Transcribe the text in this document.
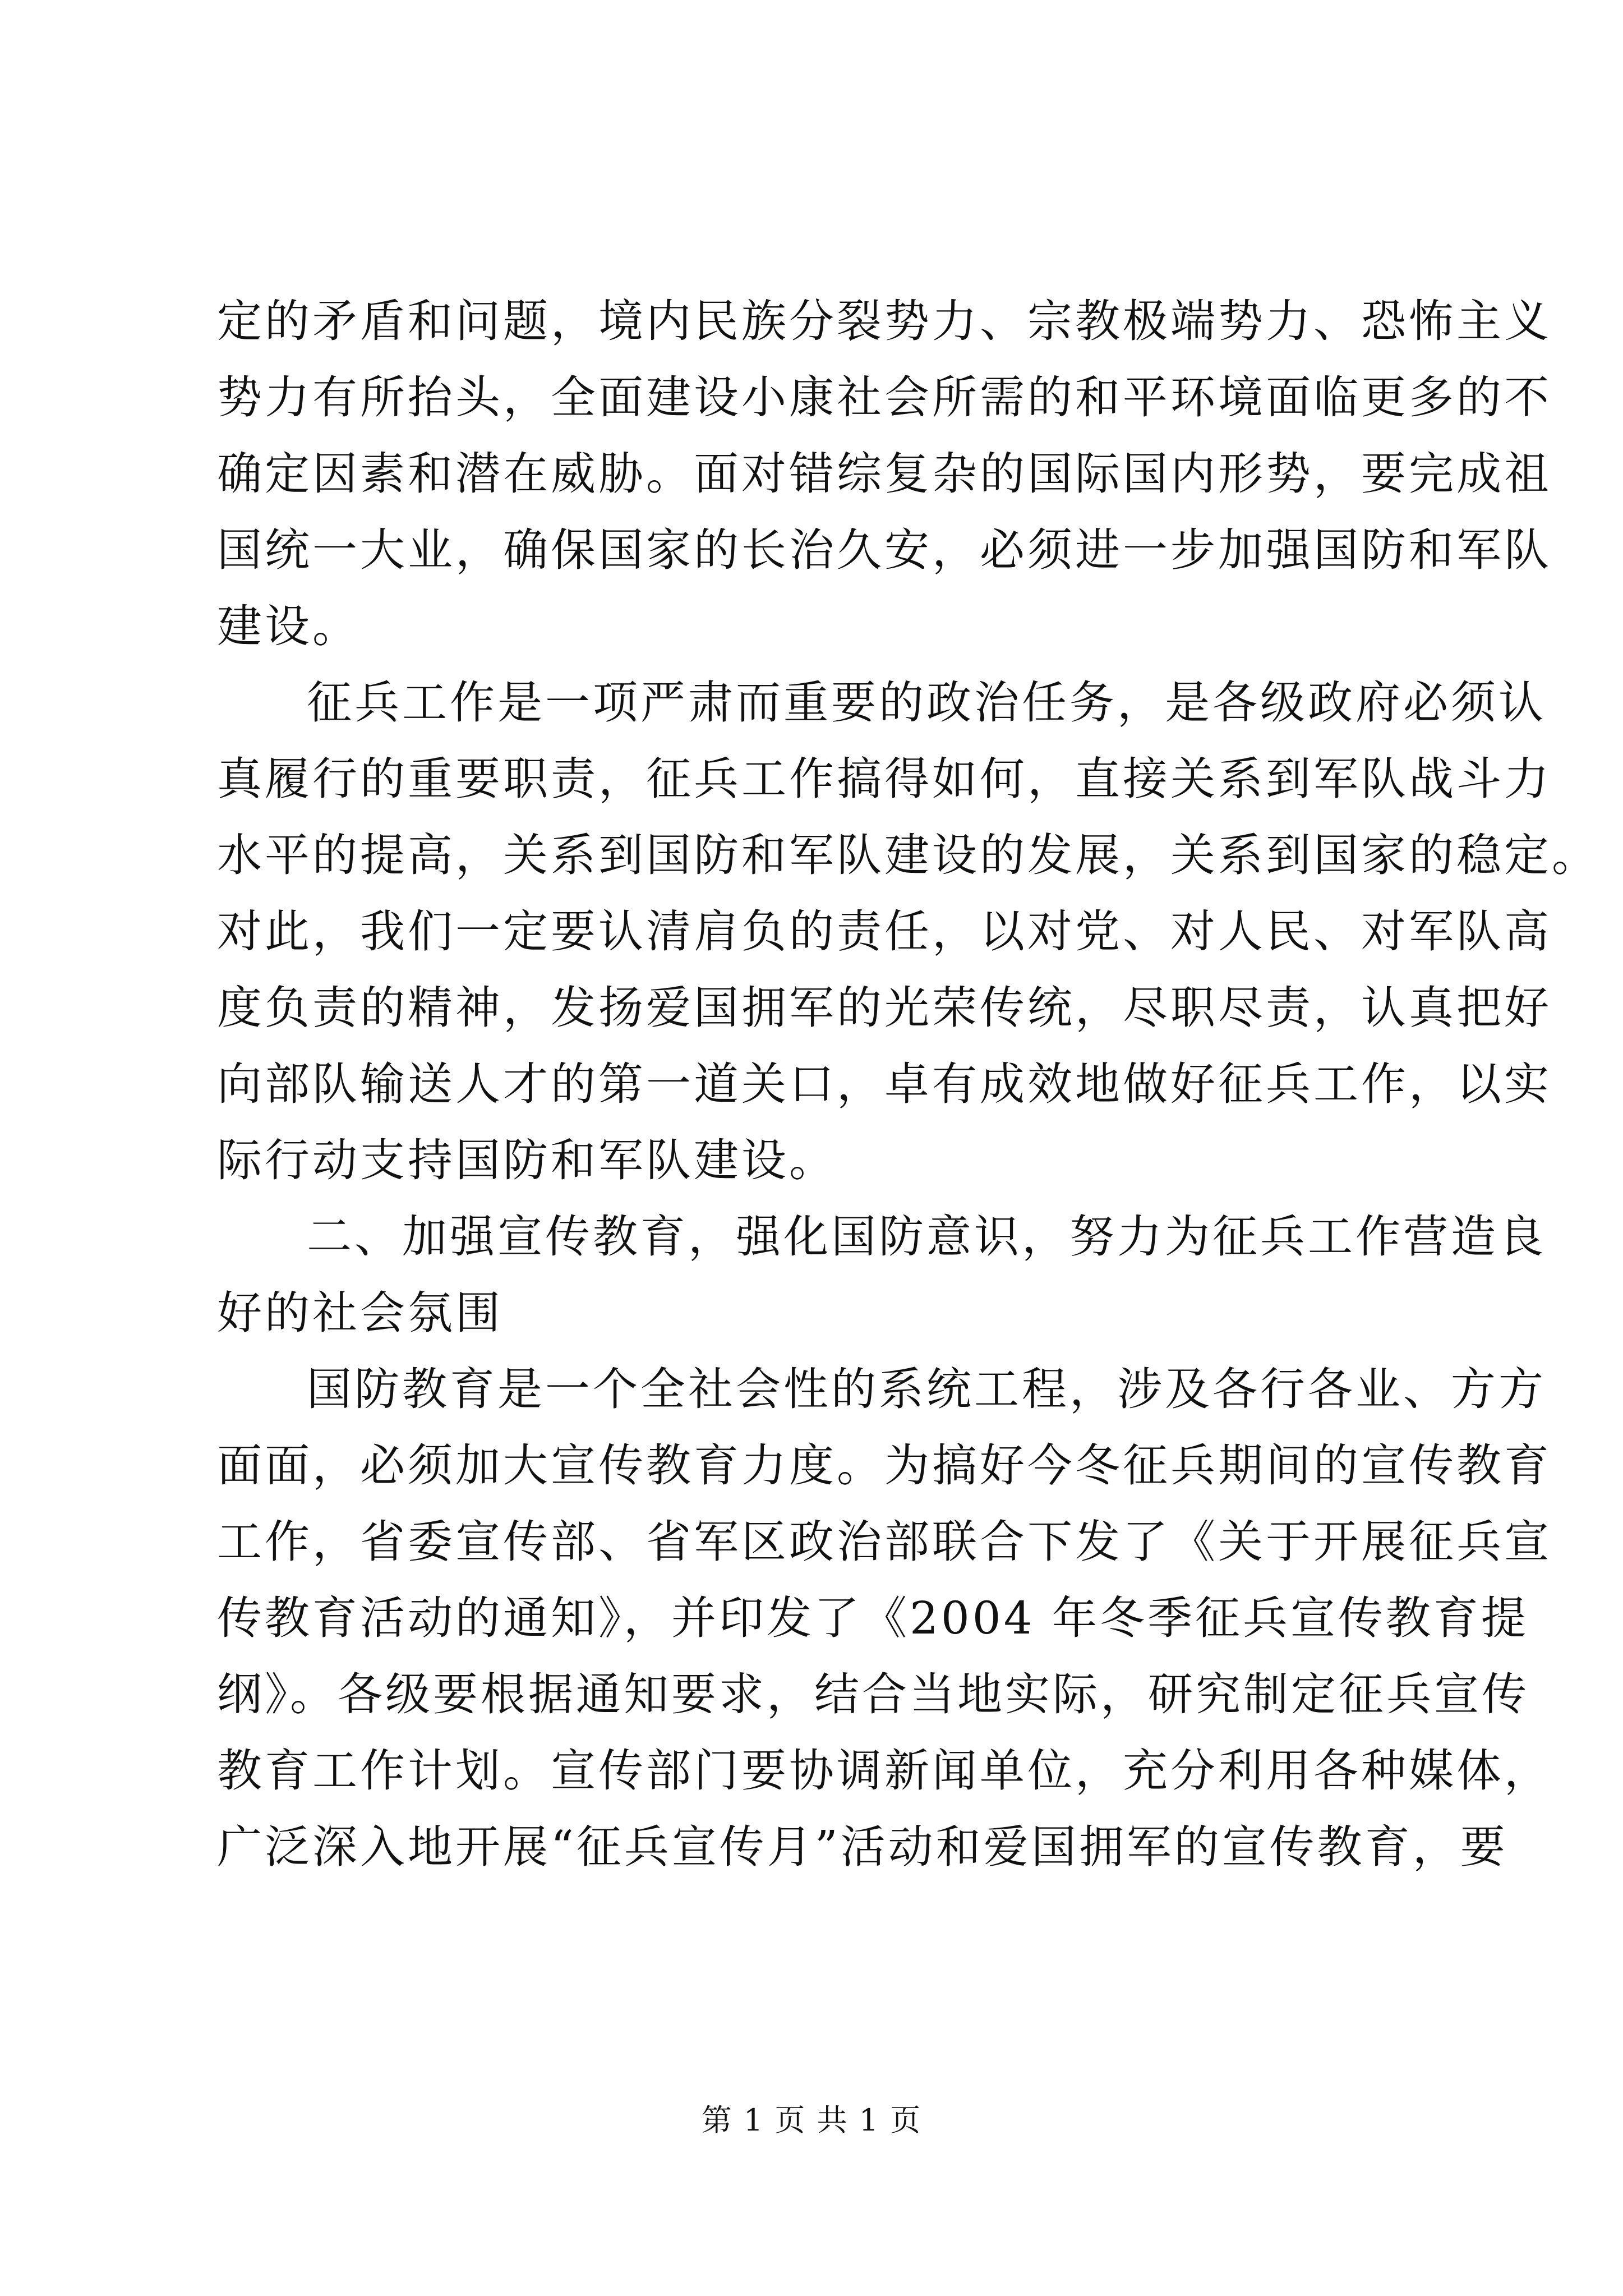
定的矛盾和问题，境内民族分裂势力、宗教极端势力、恐怖主义
势力有所抬头，全面建设小康社会所需的和平环境面临更多的不
确定因素和潜在威胁。面对错综复杂的国际国内形势，要完成祖
国统一大业，确保国家的长治久安，必须进一步加强国防和军队
建设。
征兵工作是一项严肃而重要的政治任务，是各级政府必须认
真履行的重要职责，征兵工作搞得如何，直接关系到军队战斗力
水平的提高，关系到国防和军队建设的发展，关系到国家的稳定。
对此，我们一定要认清肩负的责任，以对党、对人民、对军队高
度负责的精神，发扬爱国拥军的光荣传统，尽职尽责，认真把好
向部队输送人才的第一道关口，卓有成效地做好征兵工作，以实
际行动支持国防和军队建设。
二、加强宣传教育，强化国防意识，努力为征兵工作营造良
好的社会氛围
国防教育是一个全社会性的系统工程，涉及各行各业、方方
面面，必须加大宣传教育力度。为搞好今冬征兵期间的宣传教育
工作，省委宣传部、省军区政治部联合下发了《关于开展征兵宣
传教育活动的通知》，并印发了《2004 年冬季征兵宣传教育提
纲》。各级要根据通知要求，结合当地实际，研究制定征兵宣传
教育工作计划。宣传部门要协调新闻单位，充分利用各种媒体，
广泛深入地开展“征兵宣传月”活动和爱国拥军的宣传教育，要
第 1 页 共 1 页
